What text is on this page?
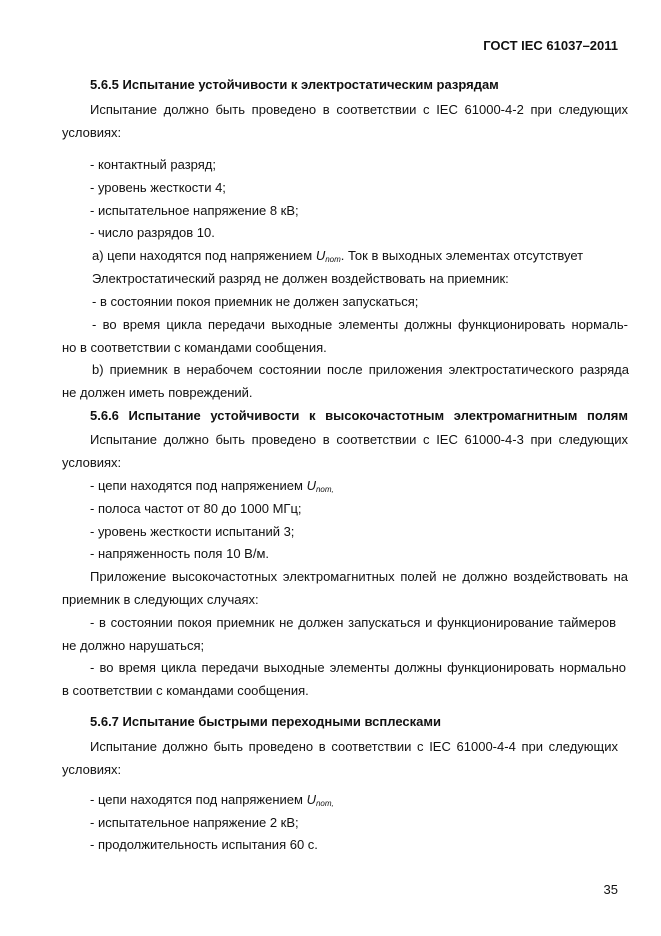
ГОСТ IEC 61037–2011
5.6.5 Испытание устойчивости к электростатическим разрядам
Испытание должно быть проведено в соответствии с IEC 61000-4-2 при следующих
условиях:
- контактный разряд;
- уровень жесткости 4;
- испытательное напряжение 8 кВ;
- число разрядов 10.
a) цепи находятся под напряжением $U_{nom}$. Ток в выходных элементах отсутствует
Электростатический разряд не должен воздействовать на приемник:
- в состоянии покоя приемник не должен запускаться;
- во время цикла передачи выходные элементы должны функционировать нормаль-
но в соответствии с командами сообщения.
b) приемник в нерабочем состоянии после приложения электростатического разряда
не должен иметь повреждений.
5.6.6 Испытание устойчивости к высокочастотным электромагнитным полям
Испытание должно быть проведено в соответствии с IEC 61000-4-3 при следующих
условиях:
- цепи находятся под напряжением $U_{nom,}$
- полоса частот от 80 до 1000 МГц;
- уровень жесткости испытаний 3;
- напряженность поля 10 В/м.
Приложение высокочастотных электромагнитных полей не должно воздействовать на
приемник в следующих случаях:
- в состоянии покоя приемник не должен запускаться и функционирование таймеров
не должно нарушаться;
- во время цикла передачи выходные элементы должны функционировать нормально
в соответствии с командами сообщения.
5.6.7 Испытание быстрыми переходными всплесками
Испытание должно быть проведено в соответствии с IEC 61000-4-4 при следующих
условиях:
- цепи находятся под напряжением $U_{nom,}$
- испытательное напряжение 2 кВ;
- продолжительность испытания 60 с.
35
